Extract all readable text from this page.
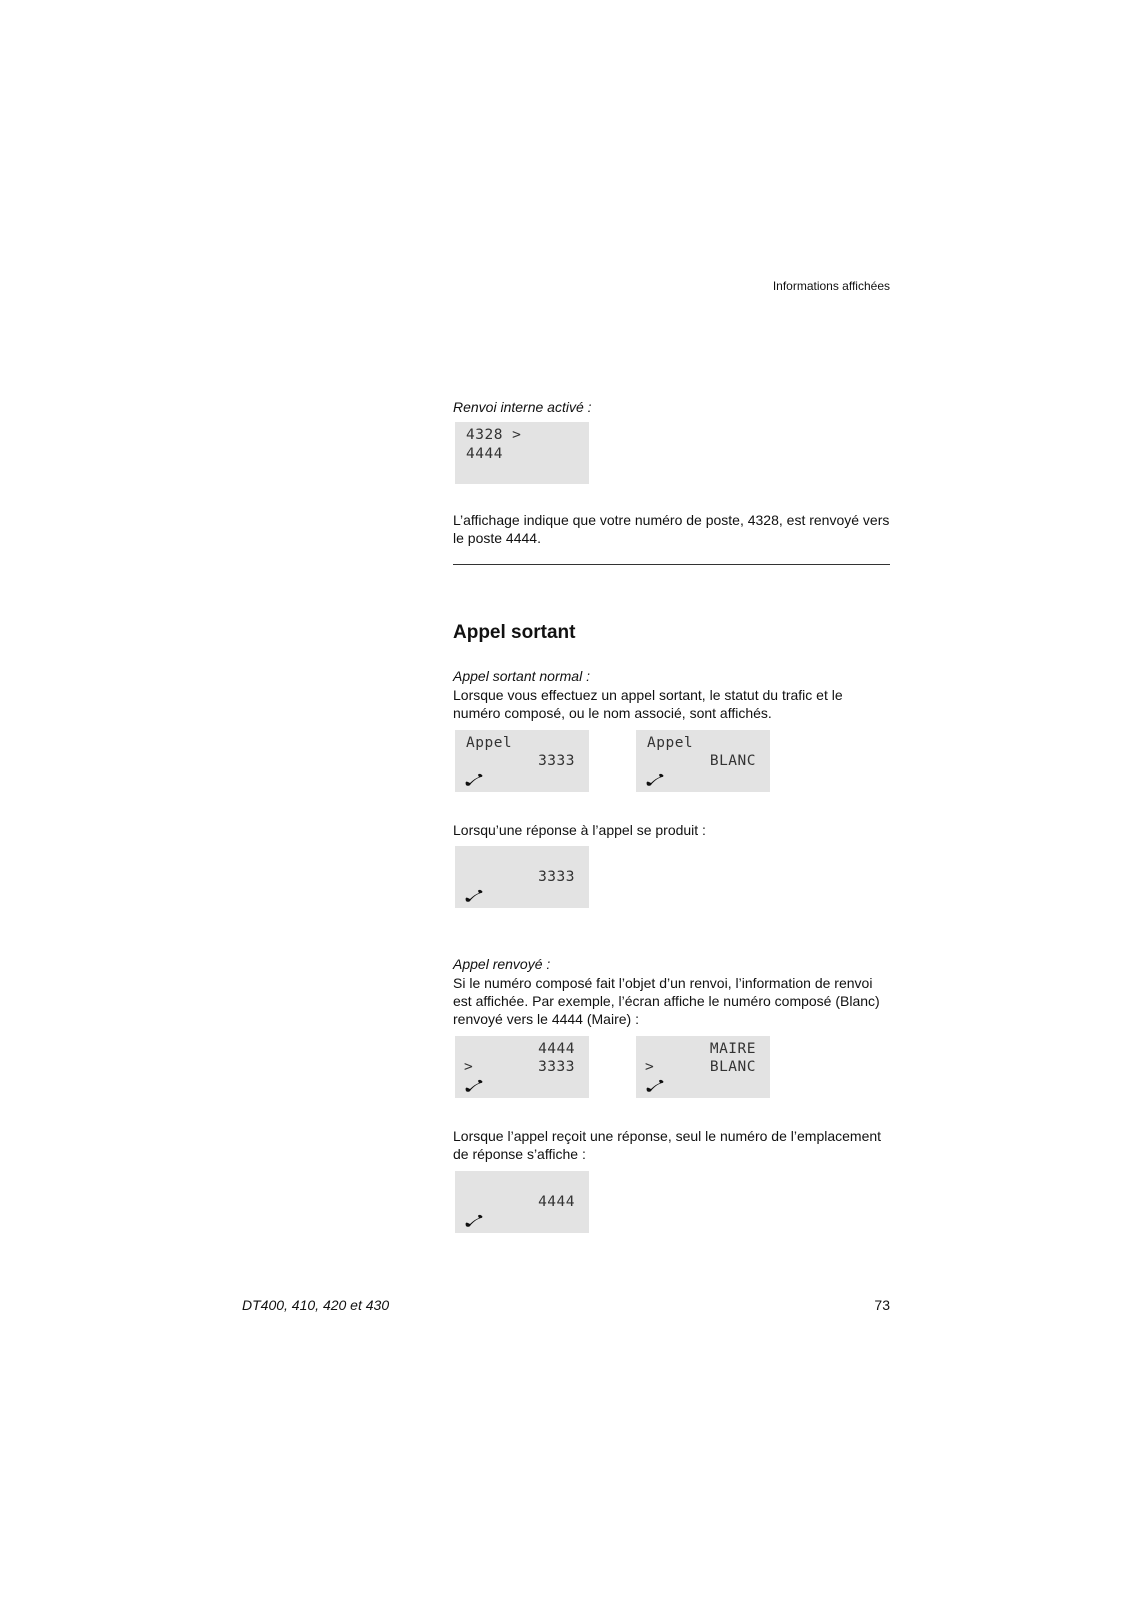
Informations affichées
Renvoi interne activé :
4328 >
4444
L’affichage indique que votre numéro de poste, 4328, est renvoyé vers le poste 4444.
Appel sortant
Appel sortant normal :
Lorsque vous effectuez un appel sortant, le statut du trafic et le numéro composé, ou le nom associé, sont affichés.
Appel
3333
Appel
BLANC
Lorsqu’une réponse à l’appel se produit :
3333
Appel renvoyé :
Si le numéro composé fait l’objet d’un renvoi, l’information de renvoi est affichée. Par exemple, l’écran affiche le numéro composé (Blanc) renvoyé vers le 4444 (Maire) :
4444
>	3333
MAIRE
>	BLANC
Lorsque l’appel reçoit une réponse, seul le numéro de l’emplacement de réponse s’affiche :
4444
DT400, 410, 420 et 430	73
